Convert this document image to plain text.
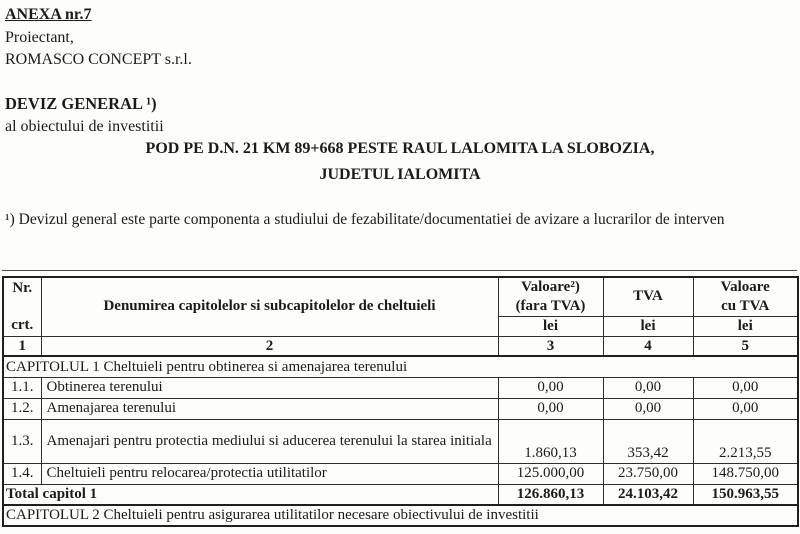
ANEXA nr.7
Proiectant,
ROMASCO CONCEPT s.r.l.
DEVIZ GENERAL ¹)
al obiectului de investitii
POD PE D.N. 21 KM 89+668 PESTE RAUL LALOMITA LA SLOBOZIA,
JUDETUL IALOMITA
¹) Devizul general este parte componenta a studiului de fezabilitate/documentatiei de avizare a lucrarilor de interven
Nr.
crt.
	Denumirea capitolelor si subcapitolelor de cheltuieli	
Valoare²)
(fara TVA)
	TVA	
Valoare
cu TVA

		lei	lei	lei
1	2	3	4	5
CAPITOLUL 1 Cheltuieli pentru obtinerea si amenajarea terenului				
1.1.	Obtinerea terenului	0,00	0,00	0,00
1.2.	Amenajarea terenului	0,00	0,00	0,00
1.3.	Amenajari pentru protectia mediului si aducerea terenului la starea initiala	1.860,13	353,42	2.213,55
1.4.	Cheltuieli pentru relocarea/protectia utilitatilor	125.000,00	23.750,00	148.750,00
Total capitol 1		126.860,13	24.103,42	150.963,55
CAPITOLUL 2 Cheltuieli pentru asigurarea utilitatilor necesare obiectivului de investitii				
